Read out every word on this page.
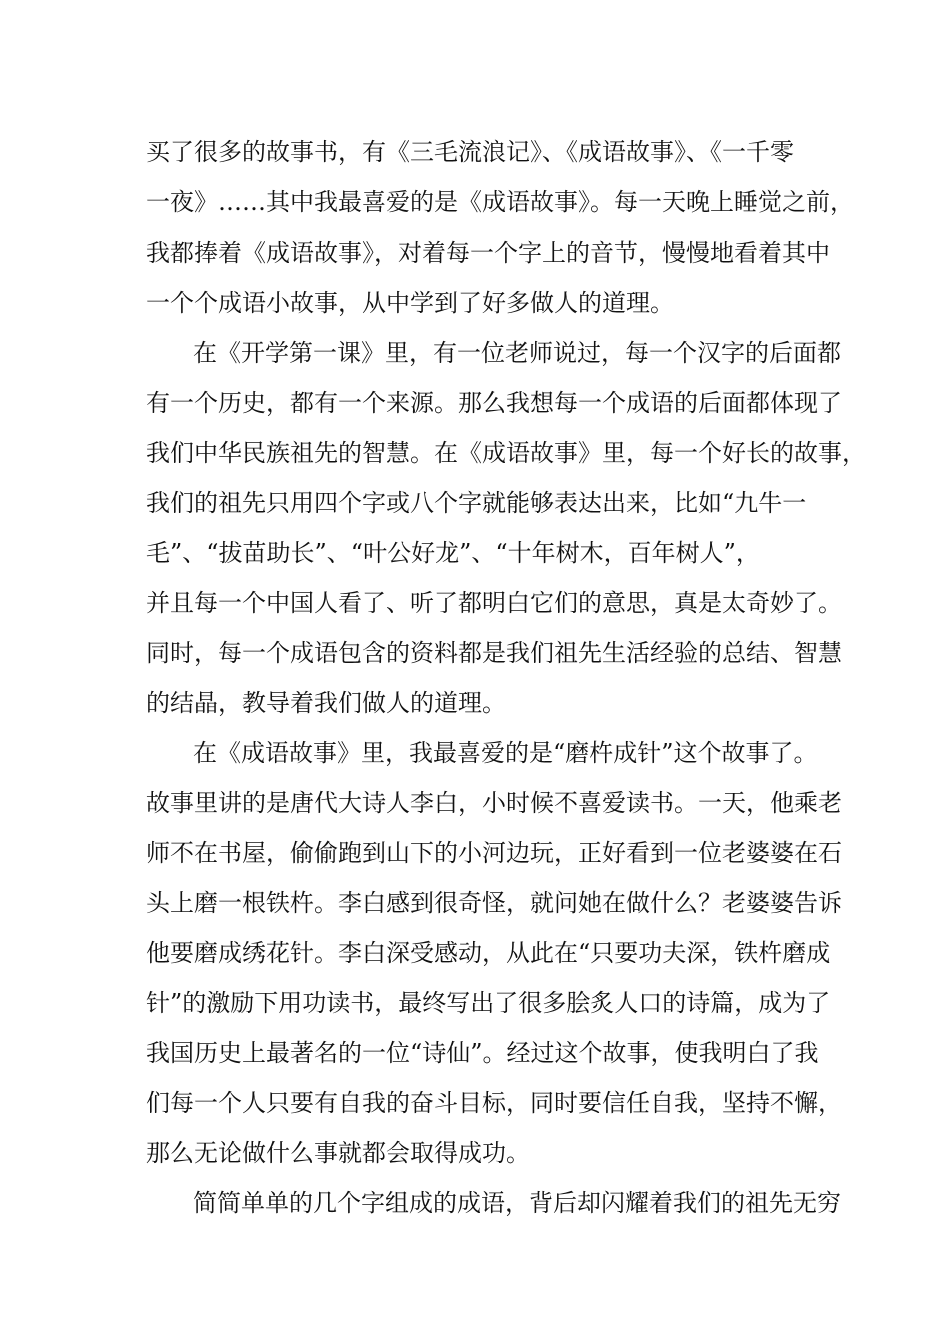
买了很多的故事书，有《三毛流浪记》、《成语故事》、《一千零
一夜》……其中我最喜爱的是《成语故事》。每一天晚上睡觉之前，
我都捧着《成语故事》，对着每一个字上的音节，慢慢地看着其中
一个个成语小故事，从中学到了好多做人的道理。
在《开学第一课》里，有一位老师说过，每一个汉字的后面都
有一个历史，都有一个来源。那么我想每一个成语的后面都体现了
我们中华民族祖先的智慧。在《成语故事》里，每一个好长的故事，
我们的祖先只用四个字或八个字就能够表达出来，比如“九牛一
毛”、“拔苗助长”、“叶公好龙”、“十年树木，百年树人”，
并且每一个中国人看了、听了都明白它们的意思，真是太奇妙了。
同时，每一个成语包含的资料都是我们祖先生活经验的总结、智慧
的结晶，教导着我们做人的道理。
在《成语故事》里，我最喜爱的是“磨杵成针”这个故事了。
故事里讲的是唐代大诗人李白，小时候不喜爱读书。一天，他乘老
师不在书屋，偷偷跑到山下的小河边玩，正好看到一位老婆婆在石
头上磨一根铁杵。李白感到很奇怪，就问她在做什么？老婆婆告诉
他要磨成绣花针。李白深受感动，从此在“只要功夫深，铁杵磨成
针”的激励下用功读书，最终写出了很多脍炙人口的诗篇，成为了
我国历史上最著名的一位“诗仙”。经过这个故事，使我明白了我
们每一个人只要有自我的奋斗目标，同时要信任自我，坚持不懈，
那么无论做什么事就都会取得成功。
简简单单的几个字组成的成语，背后却闪耀着我们的祖先无穷
